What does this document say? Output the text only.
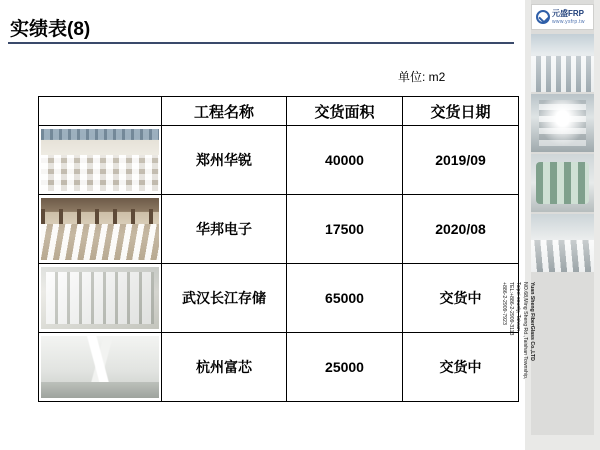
实绩表(8)
单位: m2
	工程名称	交货面积	交货日期

	郑州华锐	40000	2019/09

	华邦电子	17500	2020/08

	武汉长江存储	65000	交货中

	杭州富芯	25000	交货中
元盛FRP
www.ysfrp.tw
Yuan Sheng FiberGlass Co.,LTD
NO.68,Ming Sheng Rd.,Taishan Township,
Taipei county, Taiwan
TEL:+886-2-2909-3113
+886-2-2909-7923
